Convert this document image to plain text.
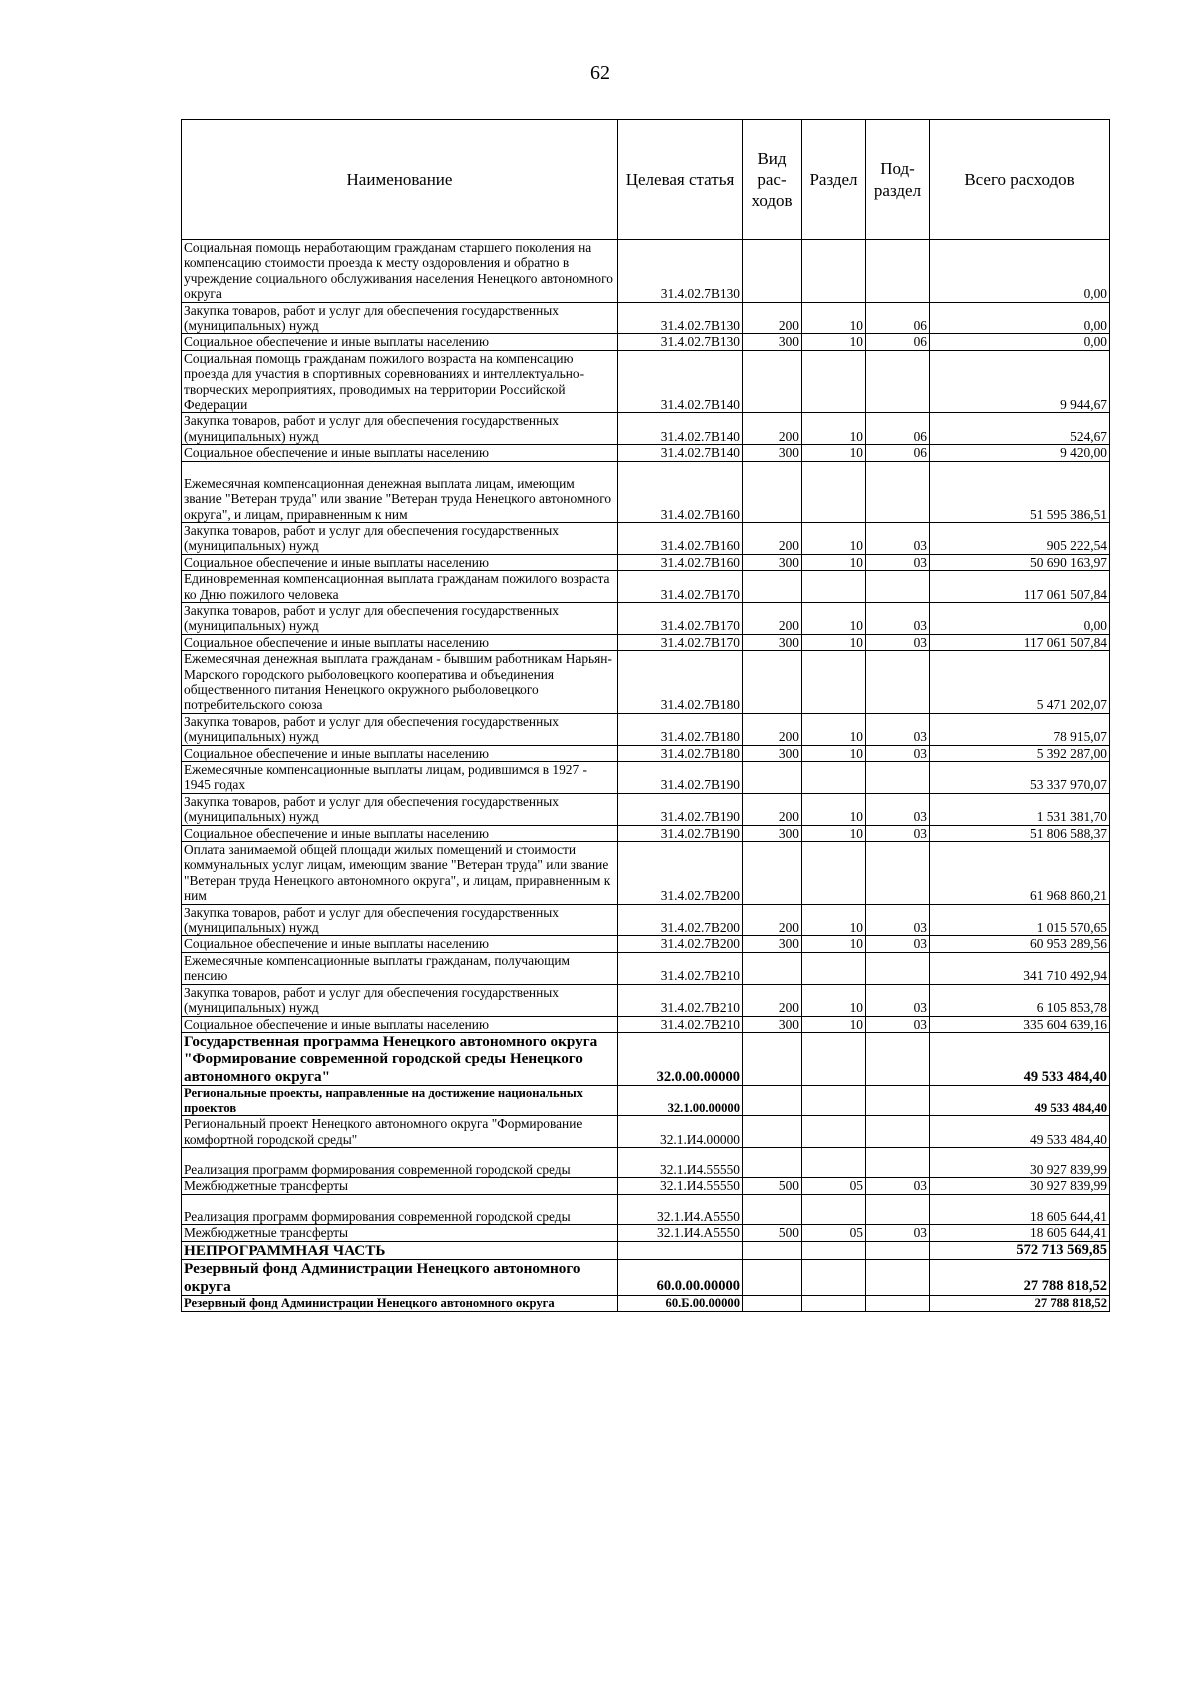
62
Наименование	Целевая статья	Вид рас-ходов	Раздел	Под-раздел	Всего расходов
Социальная помощь неработающим гражданам старшего поколения на компенсацию стоимости проезда к месту оздоровления и обратно в учреждение социального обслуживания населения Ненецкого автономного округа	31.4.02.7В130				0,00
Закупка товаров, работ и услуг для обеспечения государственных (муниципальных) нужд	31.4.02.7В130	200	10	06	0,00
Социальное обеспечение и иные выплаты населению	31.4.02.7В130	300	10	06	0,00
Социальная помощь гражданам пожилого возраста на компенсацию проезда для участия в спортивных соревнованиях и интеллектуально-творческих мероприятиях, проводимых на территории Российской Федерации	31.4.02.7В140				9 944,67
Закупка товаров, работ и услуг для обеспечения государственных (муниципальных) нужд	31.4.02.7В140	200	10	06	524,67
Социальное обеспечение и иные выплаты населению	31.4.02.7В140	300	10	06	9 420,00
Ежемесячная компенсационная денежная выплата лицам, имеющим звание "Ветеран труда" или звание "Ветеран труда Ненецкого автономного округа", и лицам, приравненным к ним	31.4.02.7В160				51 595 386,51
Закупка товаров, работ и услуг для обеспечения государственных (муниципальных) нужд	31.4.02.7В160	200	10	03	905 222,54
Социальное обеспечение и иные выплаты населению	31.4.02.7В160	300	10	03	50 690 163,97
Единовременная компенсационная выплата гражданам пожилого возраста ко Дню пожилого человека	31.4.02.7В170				117 061 507,84
Закупка товаров, работ и услуг для обеспечения государственных (муниципальных) нужд	31.4.02.7В170	200	10	03	0,00
Социальное обеспечение и иные выплаты населению	31.4.02.7В170	300	10	03	117 061 507,84
Ежемесячная денежная выплата гражданам - бывшим работникам Нарьян-Марского городского рыболовецкого кооператива и объединения общественного питания Ненецкого окружного рыболовецкого потребительского союза	31.4.02.7В180				5 471 202,07
Закупка товаров, работ и услуг для обеспечения государственных (муниципальных) нужд	31.4.02.7В180	200	10	03	78 915,07
Социальное обеспечение и иные выплаты населению	31.4.02.7В180	300	10	03	5 392 287,00
Ежемесячные компенсационные выплаты лицам, родившимся в 1927 - 1945 годах	31.4.02.7В190				53 337 970,07
Закупка товаров, работ и услуг для обеспечения государственных (муниципальных) нужд	31.4.02.7В190	200	10	03	1 531 381,70
Социальное обеспечение и иные выплаты населению	31.4.02.7В190	300	10	03	51 806 588,37
Оплата занимаемой общей площади жилых помещений и стоимости коммунальных услуг лицам, имеющим звание "Ветеран труда" или звание "Ветеран труда Ненецкого автономного округа", и лицам, приравненным к ним	31.4.02.7В200				61 968 860,21
Закупка товаров, работ и услуг для обеспечения государственных (муниципальных) нужд	31.4.02.7В200	200	10	03	1 015 570,65
Социальное обеспечение и иные выплаты населению	31.4.02.7В200	300	10	03	60 953 289,56
Ежемесячные компенсационные выплаты гражданам, получающим пенсию	31.4.02.7В210				341 710 492,94
Закупка товаров, работ и услуг для обеспечения государственных (муниципальных) нужд	31.4.02.7В210	200	10	03	6 105 853,78
Социальное обеспечение и иные выплаты населению	31.4.02.7В210	300	10	03	335 604 639,16
Государственная программа Ненецкого автономного округа "Формирование современной городской среды Ненецкого автономного округа"	32.0.00.00000				49 533 484,40
Региональные проекты, направленные на достижение национальных проектов	32.1.00.00000				49 533 484,40
Региональный проект Ненецкого автономного округа "Формирование комфортной городской среды"	32.1.И4.00000				49 533 484,40
Реализация программ формирования современной городской среды	32.1.И4.55550				30 927 839,99
Межбюджетные трансферты	32.1.И4.55550	500	05	03	30 927 839,99
Реализация программ формирования современной городской среды	32.1.И4.А5550				18 605 644,41
Межбюджетные трансферты	32.1.И4.А5550	500	05	03	18 605 644,41
НЕПРОГРАММНАЯ ЧАСТЬ					572 713 569,85
Резервный фонд Администрации Ненецкого автономного округа	60.0.00.00000				27 788 818,52
Резервный фонд Администрации Ненецкого автономного округа	60.Б.00.00000				27 788 818,52
